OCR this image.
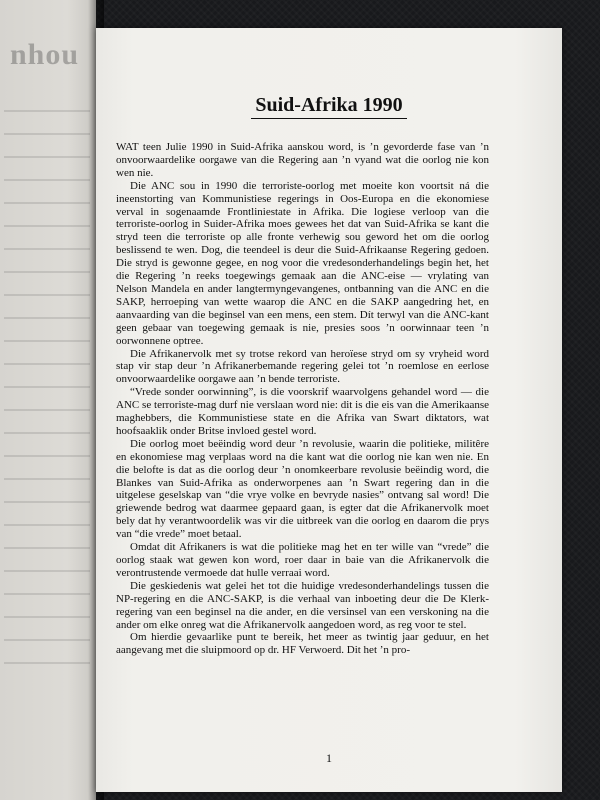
nhou
Suid-Afrika 1990

WAT teen Julie 1990 in Suid-Afrika aanskou word, is ’n gevorderde fase van ’n onvoorwaardelike oorgawe van die Regering aan ’n vyand wat die oorlog nie kon wen nie.

Die ANC sou in 1990 die terroriste-oorlog met moeite kon voortsit ná die ineenstorting van Kommunistiese regerings in Oos-Europa en die ekonomiese verval in sogenaamde Frontliniestate in Afrika. Die logiese verloop van die terroriste-oorlog in Suider-Afrika moes gewees het dat van Suid-Afrika se kant die stryd teen die terroriste op alle fronte verhewig sou geword het om die oorlog beslissend te wen. Dog, die teendeel is deur die Suid-Afrikaanse Regering gedoen. Die stryd is gewonne gegee, en nog voor die vredesonderhandelings begin het, het die Regering ’n reeks toegewings gemaak aan die ANC-eise — vrylating van Nelson Mandela en ander langtermyngevangenes, ontbanning van die ANC en die SAKP, herroeping van wette waarop die ANC en die SAKP aangedring het, en aanvaarding van die beginsel van een mens, een stem. Dít terwyl van die ANC-kant geen gebaar van toegewing gemaak is nie, presies soos ’n oorwinnaar teen ’n oorwonnene optree.

Die Afrikanervolk met sy trotse rekord van heroïese stryd om sy vryheid word stap vir stap deur ’n Afrikanerbemande regering gelei tot ’n roemlose en eerlose onvoorwaardelike oorgawe aan ’n bende terroriste.

“Vrede sonder oorwinning”, is die voorskrif waarvolgens gehandel word — die ANC se terroriste-mag durf nie verslaan word nie: dit is die eis van die Amerikaanse maghebbers, die Kommunistiese state en die Afrika van Swart diktators, wat hoofsaaklik onder Britse invloed gestel word.

Die oorlog moet beëindig word deur ’n revolusie, waarin die politieke, militêre en ekonomiese mag verplaas word na die kant wat die oorlog nie kan wen nie. En die belofte is dat as die oorlog deur ’n onomkeerbare revolusie beëindig word, die Blankes van Suid-Afrika as onderworpenes aan ’n Swart regering dan in die uitgelese geselskap van “die vrye volke en bevryde nasies” ontvang sal word! Die griewende bedrog wat daarmee gepaard gaan, is egter dat die Afrikanervolk moet bely dat hy verantwoordelik was vir die uitbreek van die oorlog en daarom die prys van “die vrede” moet betaal.

Omdat dit Afrikaners is wat die politieke mag het en ter wille van “vrede” die oorlog staak wat gewen kon word, roer daar in baie van die Afrikanervolk die verontrustende vermoede dat hulle verraai word.

Die geskiedenis wat gelei het tot die huidige vredesonderhandelings tussen die NP-regering en die ANC-SAKP, is die verhaal van inboeting deur die De Klerk-regering van een beginsel na die ander, en die versinsel van een verskoning na die ander om elke onreg wat die Afrikanervolk aangedoen word, as reg voor te stel.

Om hierdie gevaarlike punt te bereik, het meer as twintig jaar geduur, en het aangevang met die sluipmoord op dr. HF Verwoerd. Dit het ’n pro-

1
